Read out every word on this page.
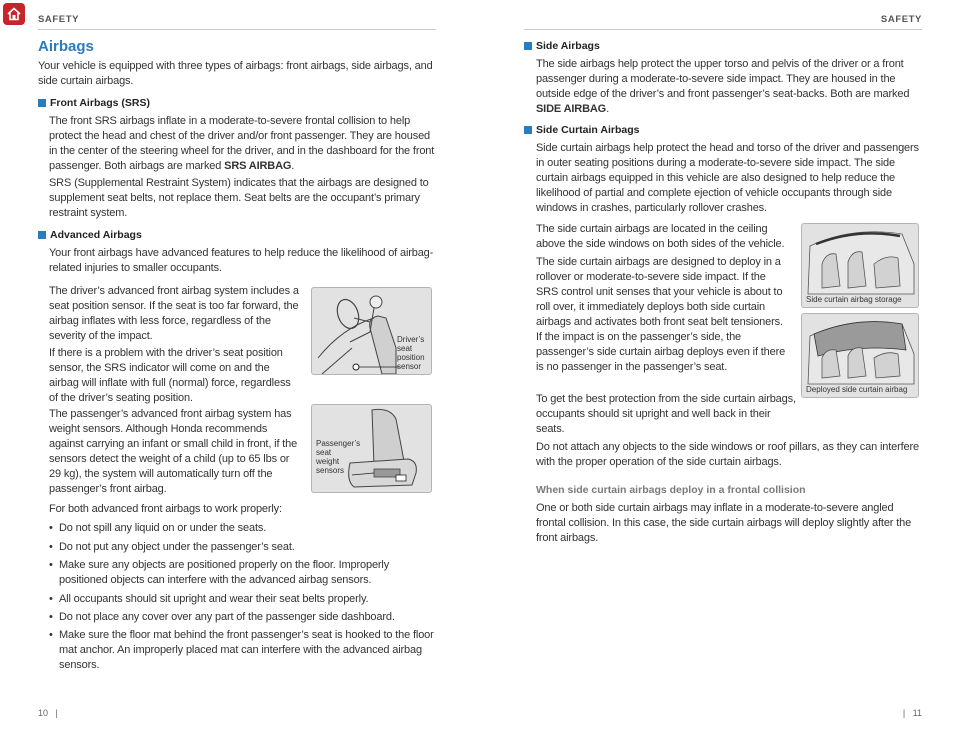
SAFETY
Airbags
Your vehicle is equipped with three types of airbags: front airbags, side airbags, and side curtain airbags.
Front Airbags (SRS)
The front SRS airbags inflate in a moderate-to-severe frontal collision to help protect the head and chest of the driver and/or front passenger. They are housed in the center of the steering wheel for the driver, and in the dashboard for the front passenger. Both airbags are marked SRS AIRBAG.
SRS (Supplemental Restraint System) indicates that the airbags are designed to supplement seat belts, not replace them. Seat belts are the occupant’s primary restraint system.
Advanced Airbags
Your front airbags have advanced features to help reduce the likelihood of airbag-related injuries to smaller occupants.
The driver’s advanced front airbag system includes a seat position sensor. If the seat is too far forward, the airbag inflates with less force, regardless of the severity of the impact.
If there is a problem with the driver’s seat position sensor, the SRS indicator will come on and the airbag will inflate with full (normal) force, regardless of the driver’s seating position.
The passenger’s advanced front airbag system has weight sensors. Although Honda recommends against carrying an infant or small child in front, if the sensors detect the weight of a child (up to 65 lbs or 29 kg), the system will automatically turn off the passenger’s front airbag.
For both advanced front airbags to work properly:
Driver’s seat position sensor
Passenger’s seat weight sensors
• Do not spill any liquid on or under the seats.
• Do not put any object under the passenger’s seat.
• Make sure any objects are positioned properly on the floor. Improperly positioned objects can interfere with the advanced airbag sensors.
• All occupants should sit upright and wear their seat belts properly.
• Do not place any cover over any part of the passenger side dashboard.
• Make sure the floor mat behind the front passenger’s seat is hooked to the floor mat anchor. An improperly placed mat can interfere with the advanced airbag sensors.
10   |
SAFETY
Side Airbags
The side airbags help protect the upper torso and pelvis of the driver or a front passenger during a moderate-to-severe side impact. They are housed in the outside edge of the driver’s and front passenger’s seat-backs. Both are marked SIDE AIRBAG.
Side Curtain Airbags
Side curtain airbags help protect the head and torso of the driver and passengers in outer seating positions during a moderate-to-severe side impact. The side curtain airbags equipped in this vehicle are also designed to help reduce the likelihood of partial and complete ejection of vehicle occupants through side windows in crashes, particularly rollover crashes.
The side curtain airbags are located in the ceiling above the side windows on both sides of the vehicle.
The side curtain airbags are designed to deploy in a rollover or moderate-to-severe side impact. If the SRS control unit senses that your vehicle is about to roll over, it immediately deploys both side curtain airbags and activates both front seat belt tensioners. If the impact is on the passenger’s side, the passenger’s side curtain airbag deploys even if there is no passenger in the passenger’s seat.
To get the best protection from the side curtain airbags, occupants should sit upright and well back in their seats.
Do not attach any objects to the side windows or roof pillars, as they can interfere with the proper operation of the side curtain airbags.
Side curtain airbag storage
Deployed side curtain airbag
When side curtain airbags deploy in a frontal collision
One or both side curtain airbags may inflate in a moderate-to-severe angled frontal collision. In this case, the side curtain airbags will deploy slightly after the front airbags.
|   11
